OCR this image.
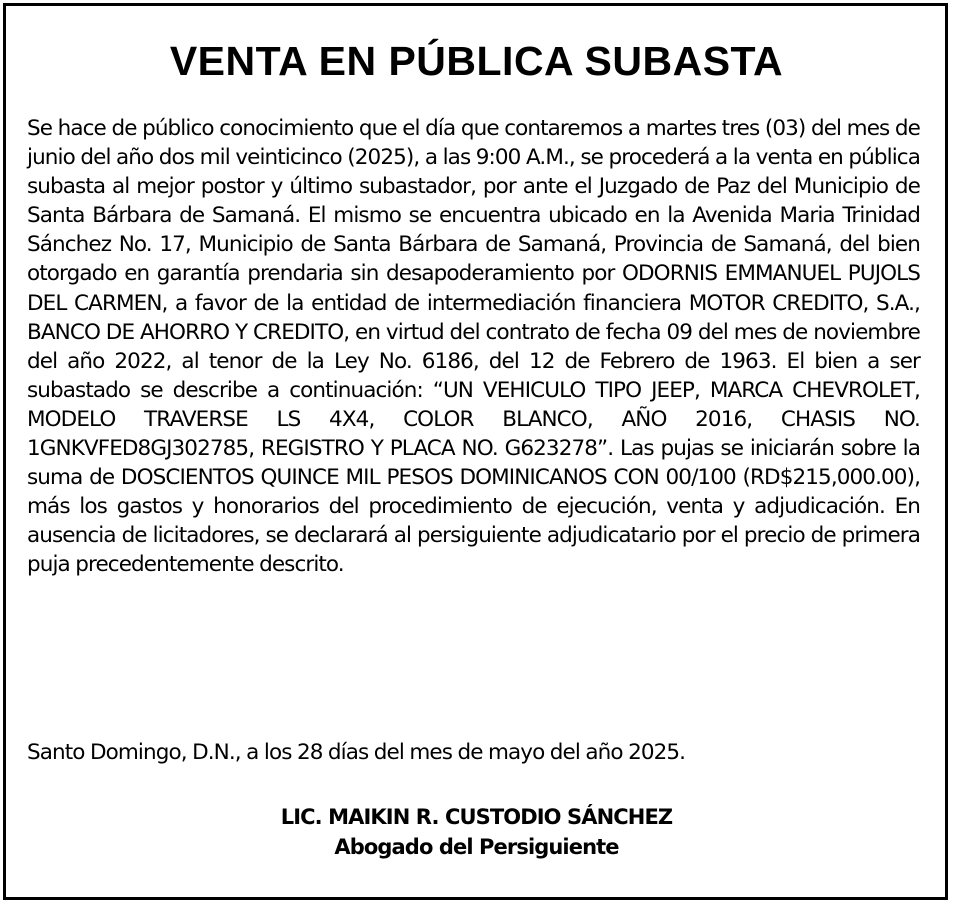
VENTA EN PÚBLICA SUBASTA

Se hace de público conocimiento que el día que contaremos a martes tres (03) del mes de junio del año dos mil veinticinco (2025), a las 9:00 A.M., se procederá a la venta en pública subasta al mejor postor y último subastador, por ante el Juzgado de Paz del Municipio de Santa Bárbara de Samaná. El mismo se encuentra ubicado en la Avenida Maria Trinidad Sánchez No. 17, Municipio de Santa Bárbara de Samaná, Provincia de Samaná, del bien otorgado en garantía prendaria sin desapoderamiento por ODORNIS EMMANUEL PUJOLS DEL CARMEN, a favor de la entidad de intermediación financiera MOTOR CREDITO, S.A., BANCO DE AHORRO Y CREDITO, en virtud del contrato de fecha 09 del mes de noviembre del año 2022, al tenor de la Ley No. 6186, del 12 de Febrero de 1963. El bien a ser subastado se describe a continuación: “UN VEHICULO TIPO JEEP, MARCA CHEVROLET, MODELO TRAVERSE LS 4X4, COLOR BLANCO, AÑO 2016, CHASIS NO. 1GNKVFED8GJ302785, REGISTRO Y PLACA NO. G623278”. Las pujas se iniciarán sobre la suma de DOSCIENTOS QUINCE MIL PESOS DOMINICANOS CON 00/100 (RD$215,000.00), más los gastos y honorarios del procedimiento de ejecución, venta y adjudicación. En ausencia de licitadores, se declarará al persiguiente adjudicatario por el precio de primera puja precedentemente descrito.

Santo Domingo, D.N., a los 28 días del mes de mayo del año 2025.

LIC. MAIKIN R. CUSTODIO SÁNCHEZ
Abogado del Persiguiente
